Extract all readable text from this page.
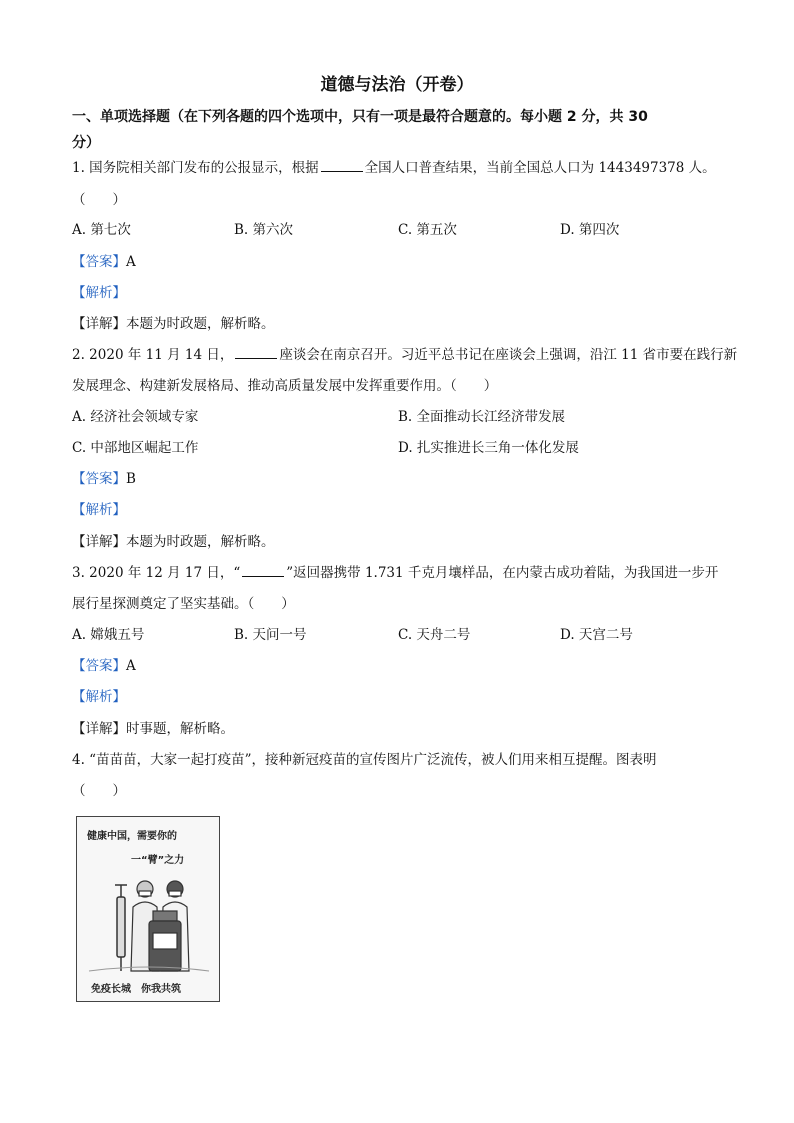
道德与法治（开卷）
一、单项选择题（在下列各题的四个选项中，只有一项是最符合题意的。每小题 2 分，共 30
分）
1. 国务院相关部门发布的公报显示，根据	全国人口普查结果，当前全国总人口为 1443497378 人。
（　　）
A. 第七次	B. 第六次	C. 第五次	D. 第四次
【答案】A
【解析】
【详解】本题为时政题，解析略。
2. 2020 年 11 月 14 日，	座谈会在南京召开。习近平总书记在座谈会上强调，沿江 11 省市要在践行新
发展理念、构建新发展格局、推动高质量发展中发挥重要作用。（　　）
A. 经济社会领域专家	B. 全面推动长江经济带发展
C. 中部地区崛起工作	D. 扎实推进长三角一体化发展
【答案】B
【解析】
【详解】本题为时政题，解析略。
3. 2020 年 12 月 17 日，“	”返回器携带 1.731 千克月壤样品，在内蒙古成功着陆，为我国进一步开
展行星探测奠定了坚实基础。（　　）
A. 嫦娥五号	B. 天问一号	C. 天舟二号	D. 天宫二号
【答案】A
【解析】
【详解】时事题，解析略。
4. “苗苗苗，大家一起打疫苗”，接种新冠疫苗的宣传图片广泛流传，被人们用来相互提醒。图表明
（　　）
健康中国，需要你的
一“臂”之力
免疫长城　你我共筑
